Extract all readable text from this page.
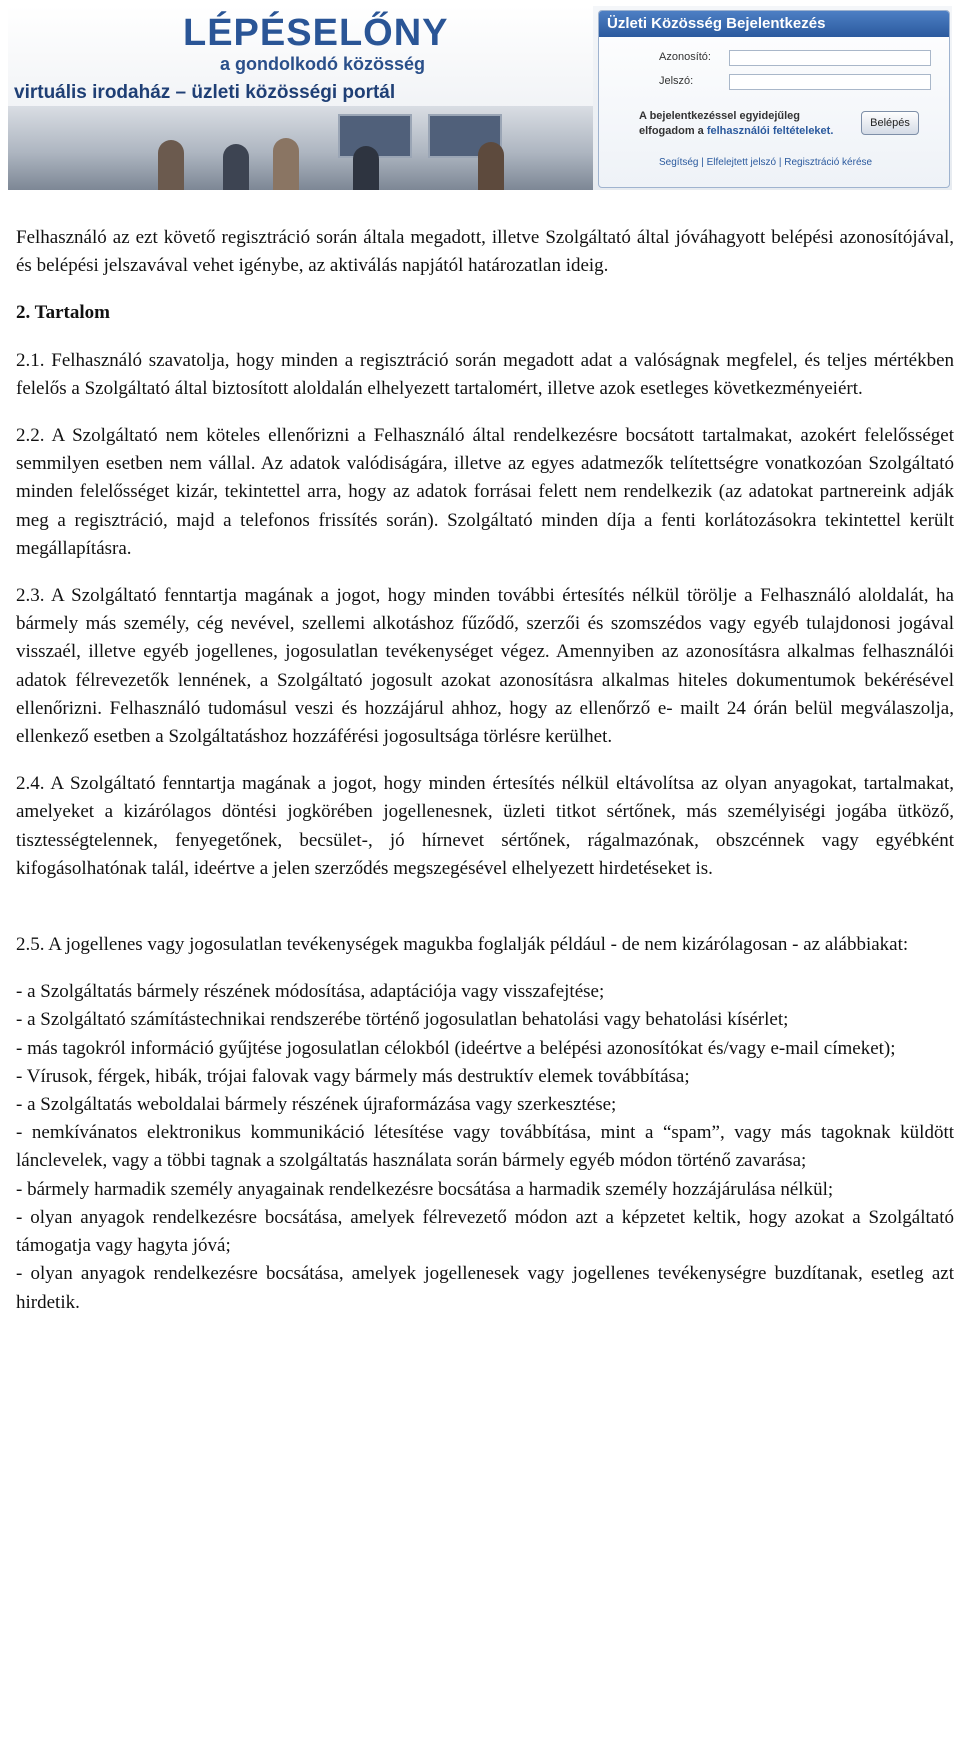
LÉPÉSELŐNY
a gondolkodó közösség
virtuális irodaház – üzleti közösségi portál
Üzleti Közösség Bejelentkezés
Azonosító:
Jelszó:
A bejelentkezéssel egyidejűleg
elfogadom a felhasználói feltételeket.
Belépés
Segítség | Elfelejtett jelszó | Regisztráció kérése

Felhasználó az ezt követő regisztráció során általa megadott, illetve Szolgáltató által jóváhagyott belépési azonosítójával, és belépési jelszavával vehet igénybe, az aktiválás napjától határozatlan ideig.

2. Tartalom

2.1. Felhasználó szavatolja, hogy minden a regisztráció során megadott adat a valóságnak megfelel, és teljes mértékben felelős a Szolgáltató által biztosított aloldalán elhelyezett tartalomért, illetve azok esetleges következményeiért.

2.2. A Szolgáltató nem köteles ellenőrizni a Felhasználó által rendelkezésre bocsátott tartalmakat, azokért felelősséget semmilyen esetben nem vállal. Az adatok valódiságára, illetve az egyes adatmezők telítettségre vonatkozóan Szolgáltató minden felelősséget kizár, tekintettel arra, hogy az adatok forrásai felett nem rendelkezik (az adatokat partnereink adják meg a regisztráció, majd a telefonos frissítés során). Szolgáltató minden díja a fenti korlátozásokra tekintettel került megállapításra.

2.3. A Szolgáltató fenntartja magának a jogot, hogy minden további értesítés nélkül törölje a Felhasználó aloldalát, ha bármely más személy, cég nevével, szellemi alkotáshoz fűződő, szerzői és szomszédos vagy egyéb tulajdonosi jogával visszaél, illetve egyéb jogellenes, jogosulatlan tevékenységet végez. Amennyiben az azonosításra alkalmas felhasználói adatok félrevezetők lennének, a Szolgáltató jogosult azokat azonosításra alkalmas hiteles dokumentumok bekérésével ellenőrizni. Felhasználó tudomásul veszi és hozzájárul ahhoz, hogy az ellenőrző e- mailt 24 órán belül megválaszolja, ellenkező esetben a Szolgáltatáshoz hozzáférési jogosultsága törlésre kerülhet.

2.4. A Szolgáltató fenntartja magának a jogot, hogy minden értesítés nélkül eltávolítsa az olyan anyagokat, tartalmakat, amelyeket a kizárólagos döntési jogkörében jogellenesnek, üzleti titkot sértőnek, más személyiségi jogába ütköző, tisztességtelennek, fenyegetőnek, becsület-, jó hírnevet sértőnek, rágalmazónak, obszcénnek vagy egyébként kifogásolhatónak talál, ideértve a jelen szerződés megszegésével elhelyezett hirdetéseket is.

2.5. A jogellenes vagy jogosulatlan tevékenységek magukba foglalják például - de nem kizárólagosan - az alábbiakat:

- a Szolgáltatás bármely részének módosítása, adaptációja vagy visszafejtése;

- a Szolgáltató számítástechnikai rendszerébe történő jogosulatlan behatolási vagy behatolási kísérlet;

- más tagokról információ gyűjtése jogosulatlan célokból (ideértve a belépési azonosítókat és/vagy e-mail címeket);

- Vírusok, férgek, hibák, trójai falovak vagy bármely más destruktív elemek továbbítása;

- a Szolgáltatás weboldalai bármely részének újraformázása vagy szerkesztése;

- nemkívánatos elektronikus kommunikáció létesítése vagy továbbítása, mint a “spam”, vagy más tagoknak küldött lánclevelek, vagy a többi tagnak a szolgáltatás használata során bármely egyéb módon történő zavarása;

- bármely harmadik személy anyagainak rendelkezésre bocsátása a harmadik személy hozzájárulása nélkül;

- olyan anyagok rendelkezésre bocsátása, amelyek félrevezető módon azt a képzetet keltik, hogy azokat a Szolgáltató támogatja vagy hagyta jóvá;

- olyan anyagok rendelkezésre bocsátása, amelyek jogellenesek vagy jogellenes tevékenységre buzdítanak, esetleg azt hirdetik.
